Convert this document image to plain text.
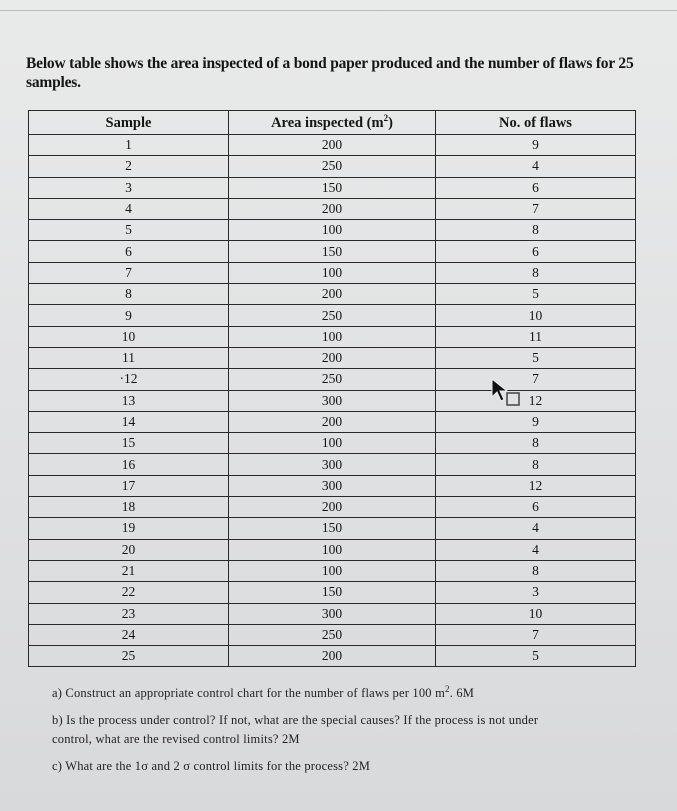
Below table shows the area inspected of a bond paper produced and the number of flaws for 25
samples.

Sample	Area inspected $(m^2)$	No. of flaws
1	200	9
2	250	4
3	150	6
4	200	7
5	100	8
6	150	6
7	100	8
8	200	5
9	250	10
10	100	11
11	200	5
·12	250	7
13	300	12
14	200	9
15	100	8
16	300	8
17	300	12
18	200	6
19	150	4
20	100	4
21	100	8
22	150	3
23	300	10
24	250	7
25	200	5

a) Construct an appropriate control chart for the number of flaws per 100 $m^2$. 6M

b) Is the process under control? If not, what are the special causes? If the process is not under

control, what are the revised control limits? 2M

c) What are the 1σ and 2 σ control limits for the process? 2M
